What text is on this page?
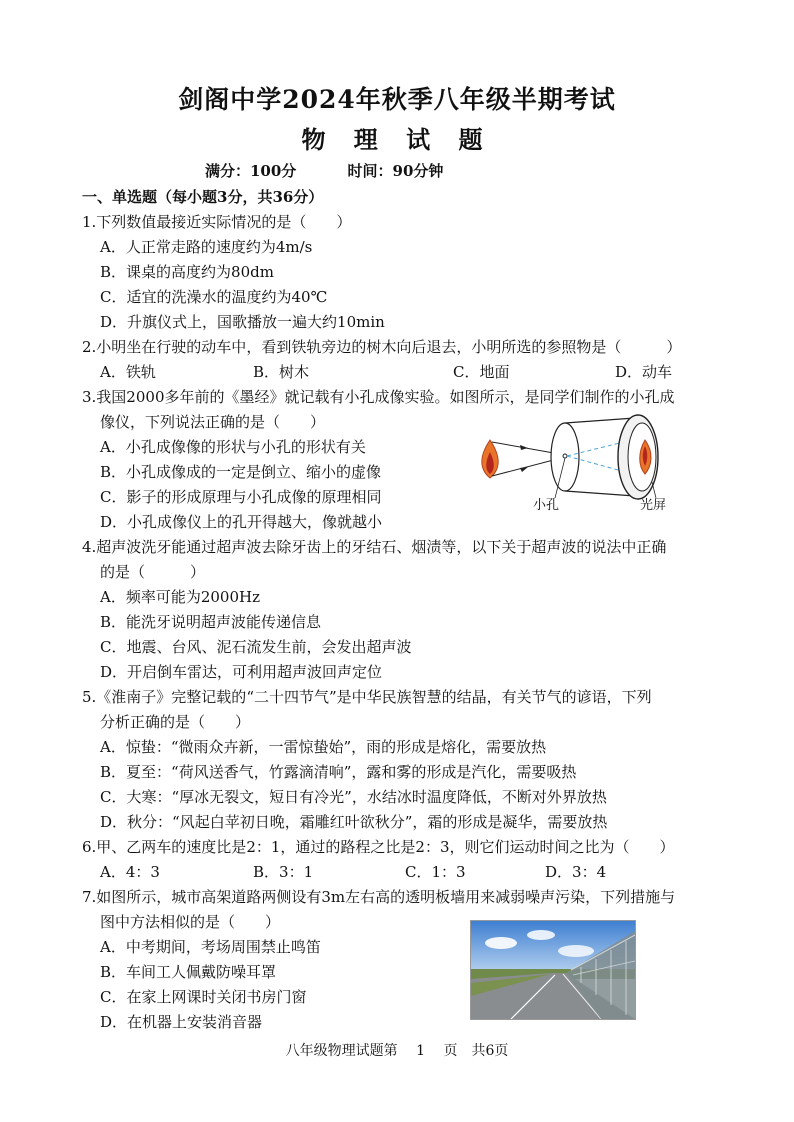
剑阁中学2024年秋季八年级半期考试
物 理 试 题
满分：100分	时间：90分钟
一、单选题（每小题3分，共36分）
1.下列数值最接近实际情况的是（　　）
A．人正常走路的速度约为4m/s
B．课桌的高度约为80dm
C．适宜的洗澡水的温度约为40℃
D．升旗仪式上，国歌播放一遍大约10min
2.小明坐在行驶的动车中，看到铁轨旁边的树木向后退去，小明所选的参照物是（　　　）
A．铁轨	B．树木	C．地面	D．动车
3.我国2000多年前的《墨经》就记载有小孔成像实验。如图所示，是同学们制作的小孔成
像仪，下列说法正确的是（　　）
A．小孔成像像的形状与小孔的形状有关
B．小孔成像成的一定是倒立、缩小的虚像
C．影子的形成原理与小孔成像的原理相同
D．小孔成像仪上的孔开得越大，像就越小
小孔	光屏
4.超声波洗牙能通过超声波去除牙齿上的牙结石、烟渍等，以下关于超声波的说法中正确
的是（　　　）
A．频率可能为2000Hz
B．能洗牙说明超声波能传递信息
C．地震、台风、泥石流发生前，会发出超声波
D．开启倒车雷达，可利用超声波回声定位
5.《淮南子》完整记载的“二十四节气”是中华民族智慧的结晶，有关节气的谚语，下列
分析正确的是（　　）
A．惊蛰：“微雨众卉新，一雷惊蛰始”，雨的形成是熔化，需要放热
B．夏至：“荷风送香气，竹露滴清响”，露和雾的形成是汽化，需要吸热
C．大寒：“厚冰无裂文，短日有冷光”，水结冰时温度降低，不断对外界放热
D．秋分：“风起白苹初日晚，霜雕红叶欲秋分”，霜的形成是凝华，需要放热
6.甲、乙两车的速度比是2：1，通过的路程之比是2：3，则它们运动时间之比为（　　）
A．4：3	B．3：1	C．1：3	D．3：4
7.如图所示，城市高架道路两侧设有3m左右高的透明板墙用来减弱噪声污染，下列措施与
图中方法相似的是（　　）
A．中考期间，考场周围禁止鸣笛
B．车间工人佩戴防噪耳罩
C．在家上网课时关闭书房门窗
D．在机器上安装消音器
八年级物理试题第　 1　 页　共6页
